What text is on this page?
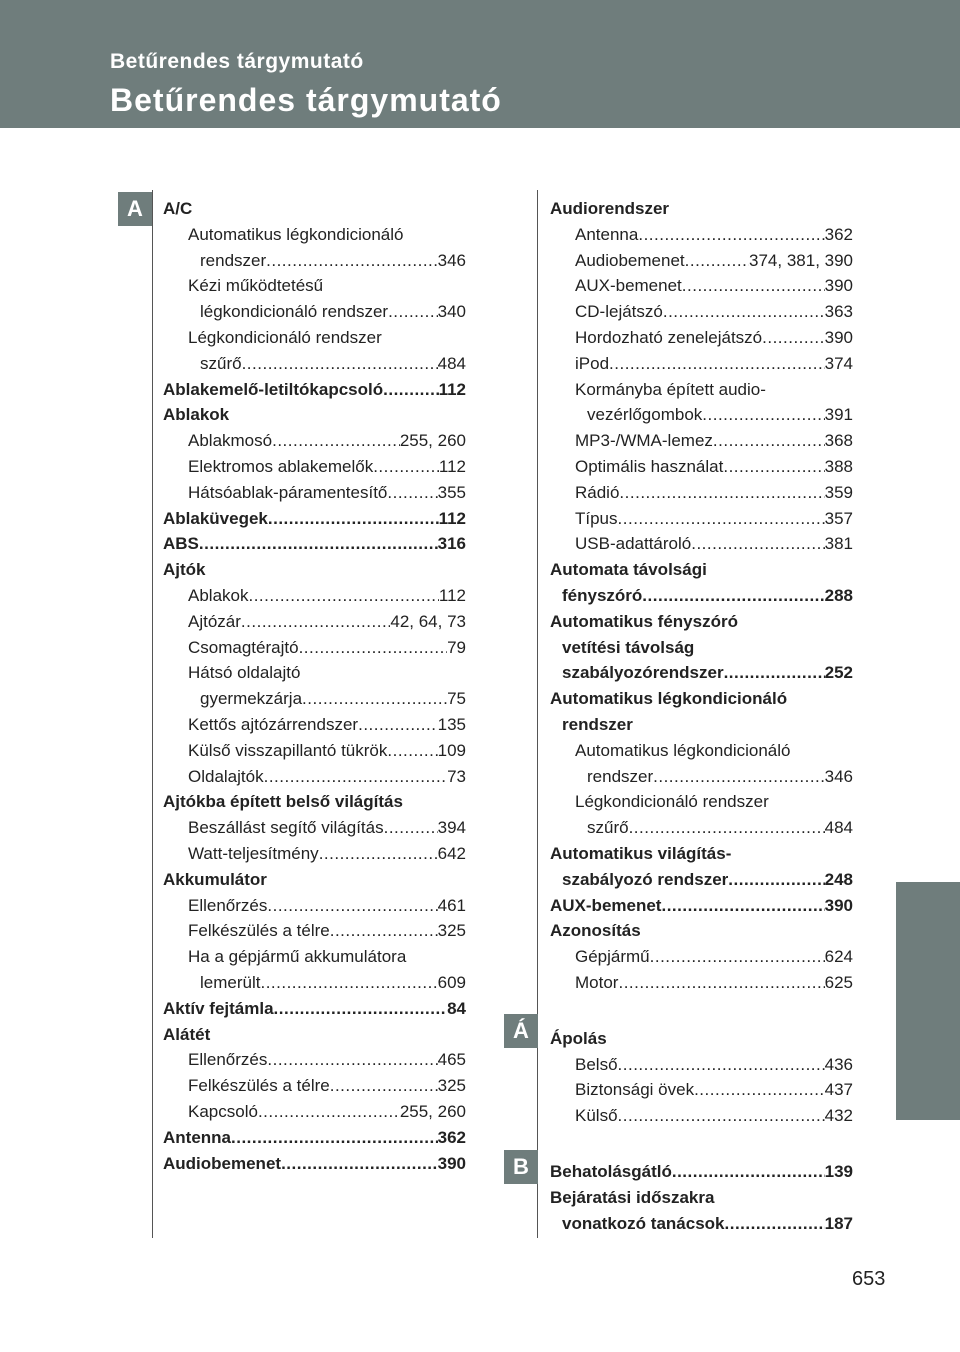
Betűrendes tárgymutató
Betűrendes tárgymutató
A
Á
B
A/C
Automatikus légkondicionáló
rendszer .....	346
Kézi működtetésű
légkondicionáló rendszer .....	340
Légkondicionáló rendszer
szűrő .....	484
Ablakemelő-letiltókapcsoló .....	112
Ablakok
Ablakmosó .....	255, 260
Elektromos ablakemelők .....	112
Hátsóablak-páramentesítő .....	355
Ablaküvegek .....	112
ABS .....	316
Ajtók
Ablakok .....	112
Ajtózár .....	42, 64, 73
Csomagtérajtó .....	79
Hátsó oldalajtó
gyermekzárja .....	75
Kettős ajtózárrendszer .....	135
Külső visszapillantó tükrök .....	109
Oldalajtók .....	73
Ajtókba épített belső világítás
Beszállást segítő világítás .....	394
Watt-teljesítmény .....	642
Akkumulátor
Ellenőrzés .....	461
Felkészülés a télre .....	325
Ha a gépjármű akkumulátora
lemerült .....	609
Aktív fejtámla .....	84
Alátét
Ellenőrzés .....	465
Felkészülés a télre .....	325
Kapcsoló .....	255, 260
Antenna .....	362
Audiobemenet .....	390
Audiorendszer
Antenna .....	362
Audiobemenet .....	374, 381, 390
AUX-bemenet .....	390
CD-lejátszó .....	363
Hordozható zenelejátszó .....	390
iPod .....	374
Kormányba épített audio-
vezérlőgombok .....	391
MP3-/WMA-lemez .....	368
Optimális használat .....	388
Rádió .....	359
Típus .....	357
USB-adattároló .....	381
Automata távolsági
fényszóró .....	288
Automatikus fényszóró
vetítési távolság
szabályozórendszer .....	252
Automatikus légkondicionáló
rendszer
Automatikus légkondicionáló
rendszer .....	346
Légkondicionáló rendszer
szűrő .....	484
Automatikus világítás-
szabályozó rendszer .....	248
AUX-bemenet .....	390
Azonosítás
Gépjármű .....	624
Motor .....	625
Ápolás
Belső .....	436
Biztonsági övek .....	437
Külső .....	432
Behatolásgátló .....	139
Bejáratási időszakra
vonatkozó tanácsok .....	187
653
